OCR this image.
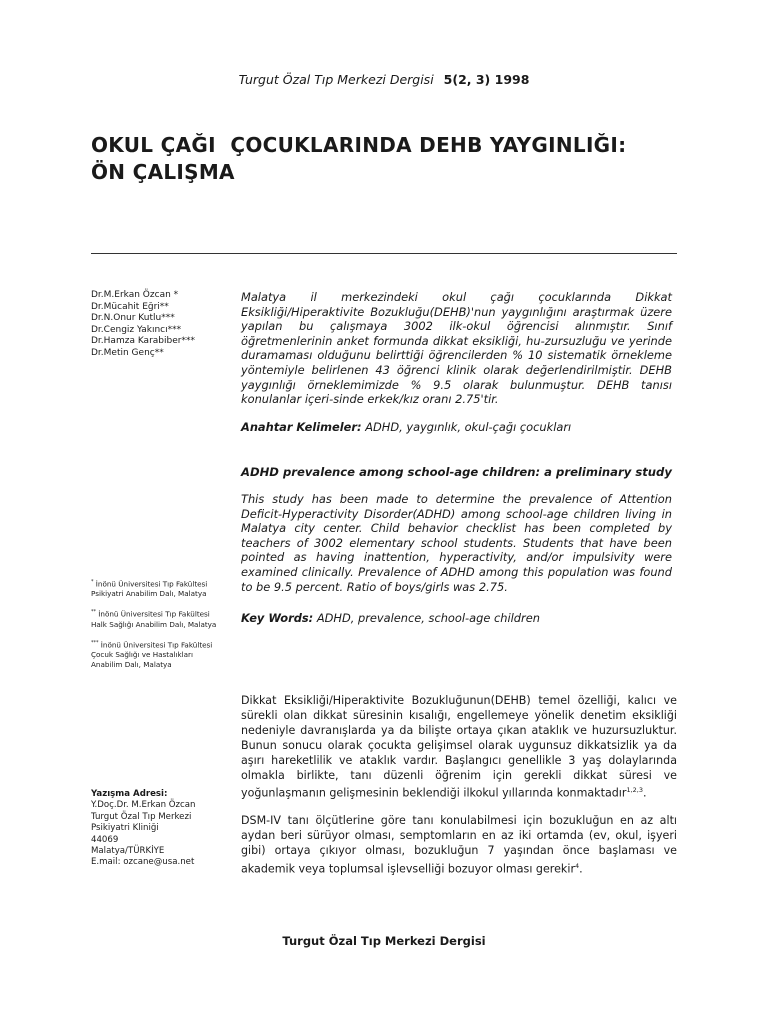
Turgut Özal Tıp Merkezi Dergisi 5(2, 3) 1998
OKUL ÇAĞI  ÇOCUKLARINDA DEHB YAYGINLIĞI:
ÖN ÇALIŞMA
Dr.M.Erkan Özcan *
Dr.Mücahit Eğri**
Dr.N.Onur Kutlu***
Dr.Cengiz Yakıncı***
Dr.Hamza Karabiber***
Dr.Metin Genç**
* İnönü Üniversitesi Tıp Fakültesi Psikiyatri Anabilim Dalı, Malatya
** İnönü Üniversitesi Tıp Fakültesi Halk Sağlığı Anabilim Dalı, Malatya
*** İnönü Üniversitesi Tıp Fakültesi Çocuk Sağlığı ve Hastalıkları Anabilim Dalı, Malatya
Yazışma Adresi:
Y.Doç.Dr. M.Erkan Özcan
Turgut Özal Tıp Merkezi
Psikiyatri Kliniği
44069
Malatya/TÜRKİYE
E.mail: ozcane@usa.net

Malatya il merkezindeki okul çağı çocuklarında Dikkat Eksikliği/Hiperaktivite Bozukluğu(DEHB)'nun yaygınlığını araştırmak üzere yapılan bu çalışmaya 3002 ilk-okul öğrencisi alınmıştır. Sınıf öğretmenlerinin anket formunda dikkat eksikliği, hu-zursuzluğu ve yerinde duramaması olduğunu belirttiği öğrencilerden % 10 sistematik örnekleme yöntemiyle belirlenen 43 öğrenci klinik olarak değerlendirilmiştir. DEHB yaygınlığı örneklemimizde % 9.5 olarak bulunmuştur. DEHB tanısı konulanlar içeri-sinde erkek/kız oranı 2.75'tir.

Anahtar Kelimeler: ADHD, yaygınlık, okul-çağı çocukları
ADHD prevalence among school-age children: a preliminary study

This study has been made to determine the prevalence of Attention Deficit-Hyperactivity Disorder(ADHD) among school-age children living in Malatya city center. Child behavior checklist has been completed by teachers of 3002 elementary school students. Students that have been pointed as having inattention, hyperactivity, and/or impulsivity were examined clinically. Prevalence of ADHD among this population was found to be 9.5 percent. Ratio of boys/girls was 2.75.

Key Words: ADHD, prevalence, school-age children

Dikkat Eksikliği/Hiperaktivite Bozukluğunun(DEHB) temel özelliği, kalıcı ve sürekli olan dikkat süresinin kısalığı, engellemeye yönelik denetim eksikliği nedeniyle davranışlarda ya da bilişte ortaya çıkan ataklık ve huzursuzluktur. Bunun sonucu olarak çocukta gelişimsel olarak uygunsuz dikkatsizlik ya da aşırı hareketlilik ve ataklık vardır. Başlangıcı genellikle 3 yaş dolaylarında olmakla birlikte, tanı düzenli öğrenim için gerekli dikkat süresi ve yoğunlaşmanın gelişmesinin beklendiği ilkokul yıllarında konmaktadır$^{1,2,3}$.

DSM-IV tanı ölçütlerine göre tanı konulabilmesi için bozukluğun en az altı aydan beri sürüyor olması, semptomların en az iki ortamda (ev, okul, işyeri gibi) ortaya çıkıyor olması, bozukluğun 7 yaşından önce başlaması ve akademik veya toplumsal işlevselliği bozuyor olması gerekir$^4$.

Turgut Özal Tıp Merkezi Dergisi
